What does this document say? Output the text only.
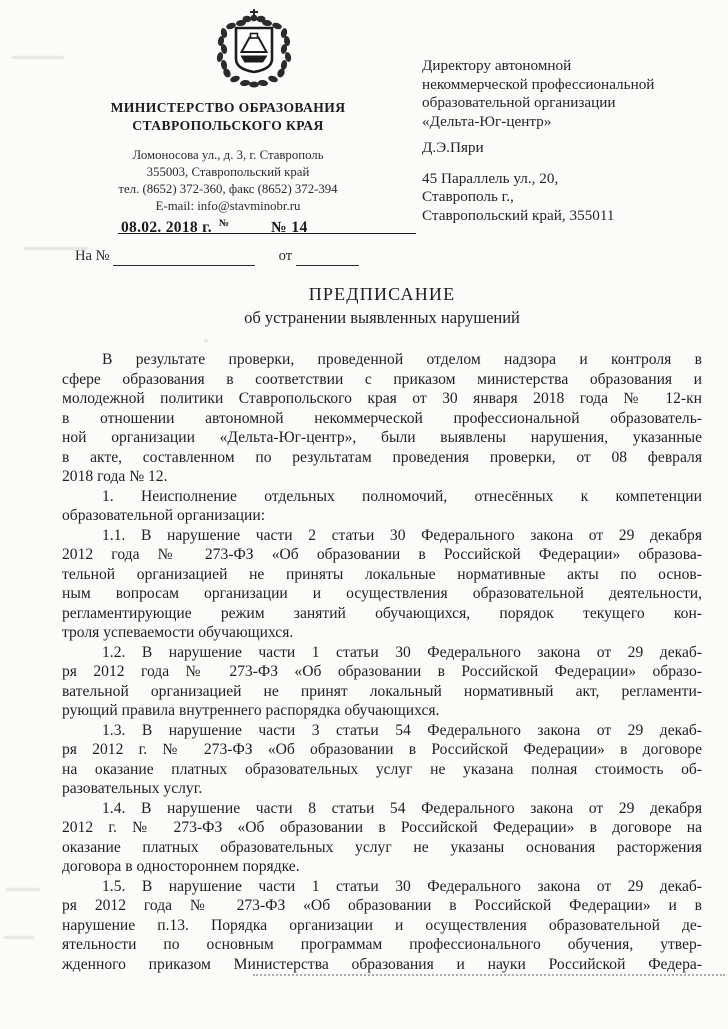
МИНИСТЕРСТВО ОБРАЗОВАНИЯ
СТАВРОПОЛЬСКОГО КРАЯ
Ломоносова ул., д. 3, г. Ставрополь
355003, Ставропольский край
тел. (8652) 372-360, факс (8652) 372-394
E-mail: info@stavminobr.ru
Директору автономной
некоммерческой профессиональной
образовательной организации
«Дельта-Юг-центр»
Д.Э.Пяри
45 Параллель ул., 20,
Ставрополь г.,
Ставропольский край, 355011
08.02. 2018 г. №	№ 14
На №	от
ПРЕДПИСАНИЕ
об устранении выявленных нарушений
В результате проверки, проведенной отделом надзора и контроля в
сфере образования в соответствии с приказом министерства образования и
молодежной политики Ставропольского края от 30 января 2018 года № 12-кн
в отношении автономной некоммерческой профессиональной образователь-
ной организации «Дельта-Юг-центр», были выявлены нарушения, указанные
в акте, составленном по результатам проведения проверки, от 08 февраля
2018 года № 12.
1. Неисполнение отдельных полномочий, отнесённых к компетенции
образовательной организации:
1.1. В нарушение части 2 статьи 30 Федерального закона от 29 декабря
2012 года № 273-ФЗ «Об образовании в Российской Федерации» образова-
тельной организацией не приняты локальные нормативные акты по основ-
ным вопросам организации и осуществления образовательной деятельности,
регламентирующие режим занятий обучающихся, порядок текущего кон-
троля успеваемости обучающихся.
1.2. В нарушение части 1 статьи 30 Федерального закона от 29 декаб-
ря 2012 года № 273-ФЗ «Об образовании в Российской Федерации» образо-
вательной организацией не принят локальный нормативный акт, регламенти-
рующий правила внутреннего распорядка обучающихся.
1.3. В нарушение части 3 статьи 54 Федерального закона от 29 декаб-
ря 2012 г. № 273-ФЗ «Об образовании в Российской Федерации» в договоре
на оказание платных образовательных услуг не указана полная стоимость об-
разовательных услуг.
1.4. В нарушение части 8 статьи 54 Федерального закона от 29 декабря
2012 г. № 273-ФЗ «Об образовании в Российской Федерации» в договоре на
оказание платных образовательных услуг не указаны основания расторжения
договора в одностороннем порядке.
1.5. В нарушение части 1 статьи 30 Федерального закона от 29 декаб-
ря 2012 года № 273-ФЗ «Об образовании в Российской Федерации» и в
нарушение п.13. Порядка организации и осуществления образовательной де-
ятельности по основным программам профессионального обучения, утвер-
жденного приказом Министерства образования и науки Российской Федера-
